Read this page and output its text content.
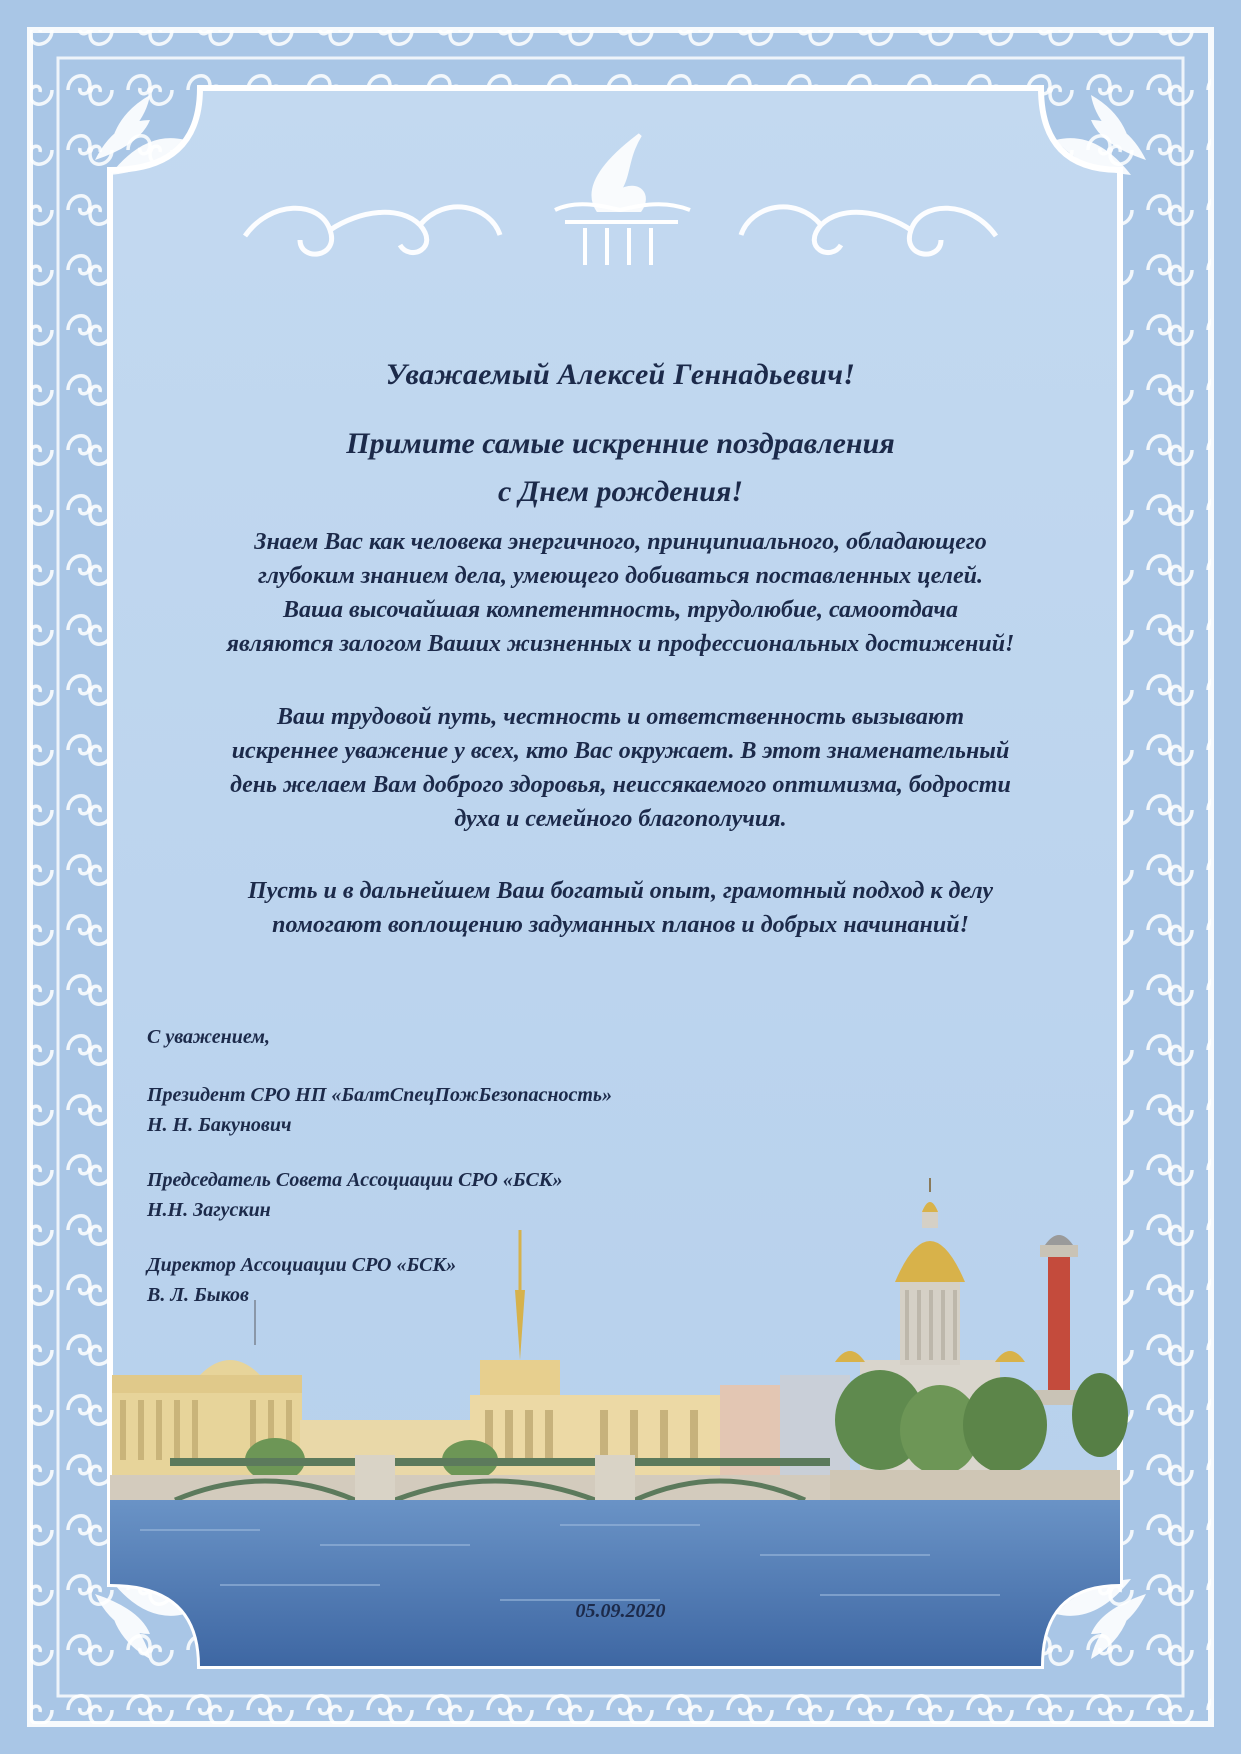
Уважаемый Алексей Геннадьевич!
Примите самые искренние поздравления
с Днем рождения!
Знаем Вас как человека энергичного, принципиального, обладающего
глубоким знанием дела, умеющего добиваться поставленных целей.
Ваша высочайшая компетентность, трудолюбие, самоотдача
являются залогом Ваших жизненных и профессиональных достижений!
Ваш трудовой путь, честность и ответственность вызывают
искреннее уважение у всех, кто Вас окружает. В этот знаменательный
день желаем Вам доброго здоровья, неиссякаемого оптимизма, бодрости
духа и семейного благополучия.
Пусть и в дальнейшем Ваш богатый опыт, грамотный подход к делу
помогают воплощению задуманных планов и добрых начинаний!
С уважением,
Президент СРО НП «БалтСпецПожБезопасность»
Н. Н. Бакунович
Председатель Совета Ассоциации СРО «БСК»
Н.Н. Загускин
Директор Ассоциации СРО «БСК»
В. Л. Быков
05.09.2020
